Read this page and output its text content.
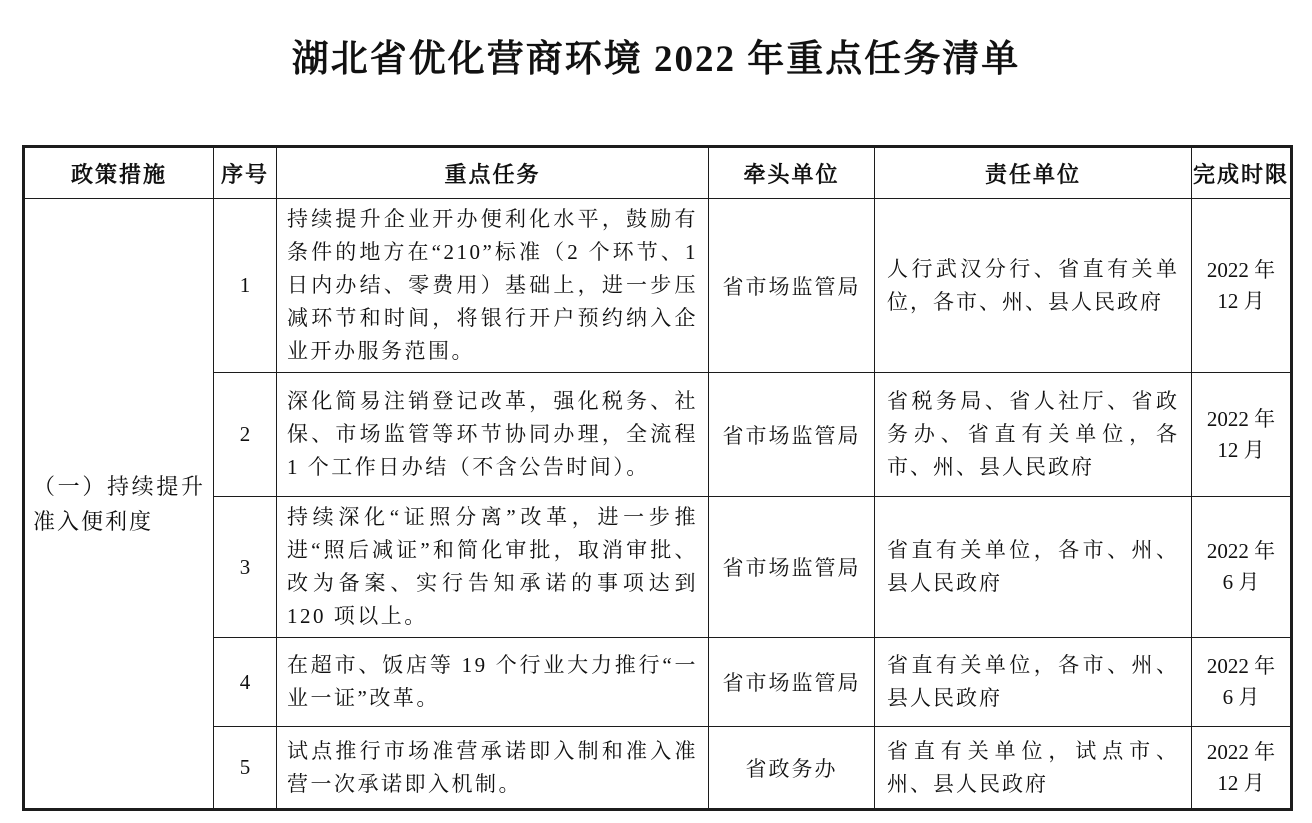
湖北省优化营商环境 2022 年重点任务清单
政策措施	序号	重点任务	牵头单位	责任单位	完成时限
（一）持续提升准入便利度	1	持续提升企业开办便利化水平，鼓励有条件的地方在“210”标准（2 个环节、1 日内办结、零费用）基础上，进一步压减环节和时间，将银行开户预约纳入企业开办服务范围。	省市场监管局	人行武汉分行、省直有关单位，各市、州、县人民政府	2022 年
12 月

	2	深化简易注销登记改革，强化税务、社保、市场监管等环节协同办理，全流程 1 个工作日办结（不含公告时间）。	省市场监管局	省税务局、省人社厅、省政务办、省直有关单位，各市、州、县人民政府	2022 年
12 月

	3	持续深化“证照分离”改革，进一步推进“照后减证”和简化审批，取消审批、改为备案、实行告知承诺的事项达到 120 项以上。	省市场监管局	省直有关单位，各市、州、县人民政府	2022 年
6 月

	4	在超市、饭店等 19 个行业大力推行“一业一证”改革。	省市场监管局	省直有关单位，各市、州、县人民政府	2022 年
6 月

	5	试点推行市场准营承诺即入制和准入准营一次承诺即入机制。	省政务办	省直有关单位，试点市、州、县人民政府	2022 年
12 月
